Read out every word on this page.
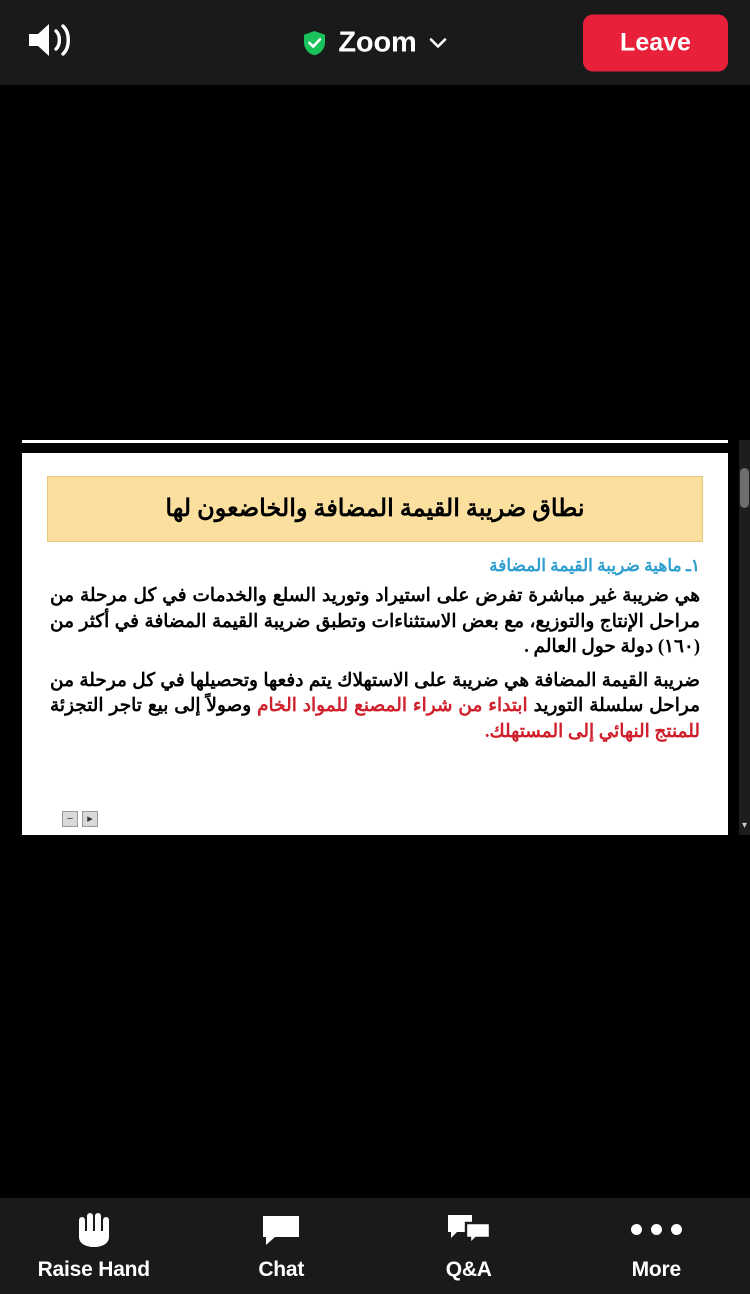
Zoom	Leave
نطاق ضريبة القيمة المضافة والخاضعون لها
١ـ ماهية ضريبة القيمة المضافة
هي ضريبة غير مباشرة تفرض على استيراد وتوريد السلع والخدمات في كل مرحلة من مراحل الإنتاج والتوزيع، مع بعض الاستثناءات وتطبق ضريبة القيمة المضافة في أكثر من (١٦٠) دولة حول العالم .
ضريبة القيمة المضافة هي ضريبة على الاستهلاك يتم دفعها وتحصيلها في كل مرحلة من مراحل سلسلة التوريد ابتداء من شراء المصنع للمواد الخام وصولاً إلى بيع تاجر التجزئة للمنتج النهائي إلى المستهلك.
−	▸
▾
Raise Hand	Chat	Q&A	More
